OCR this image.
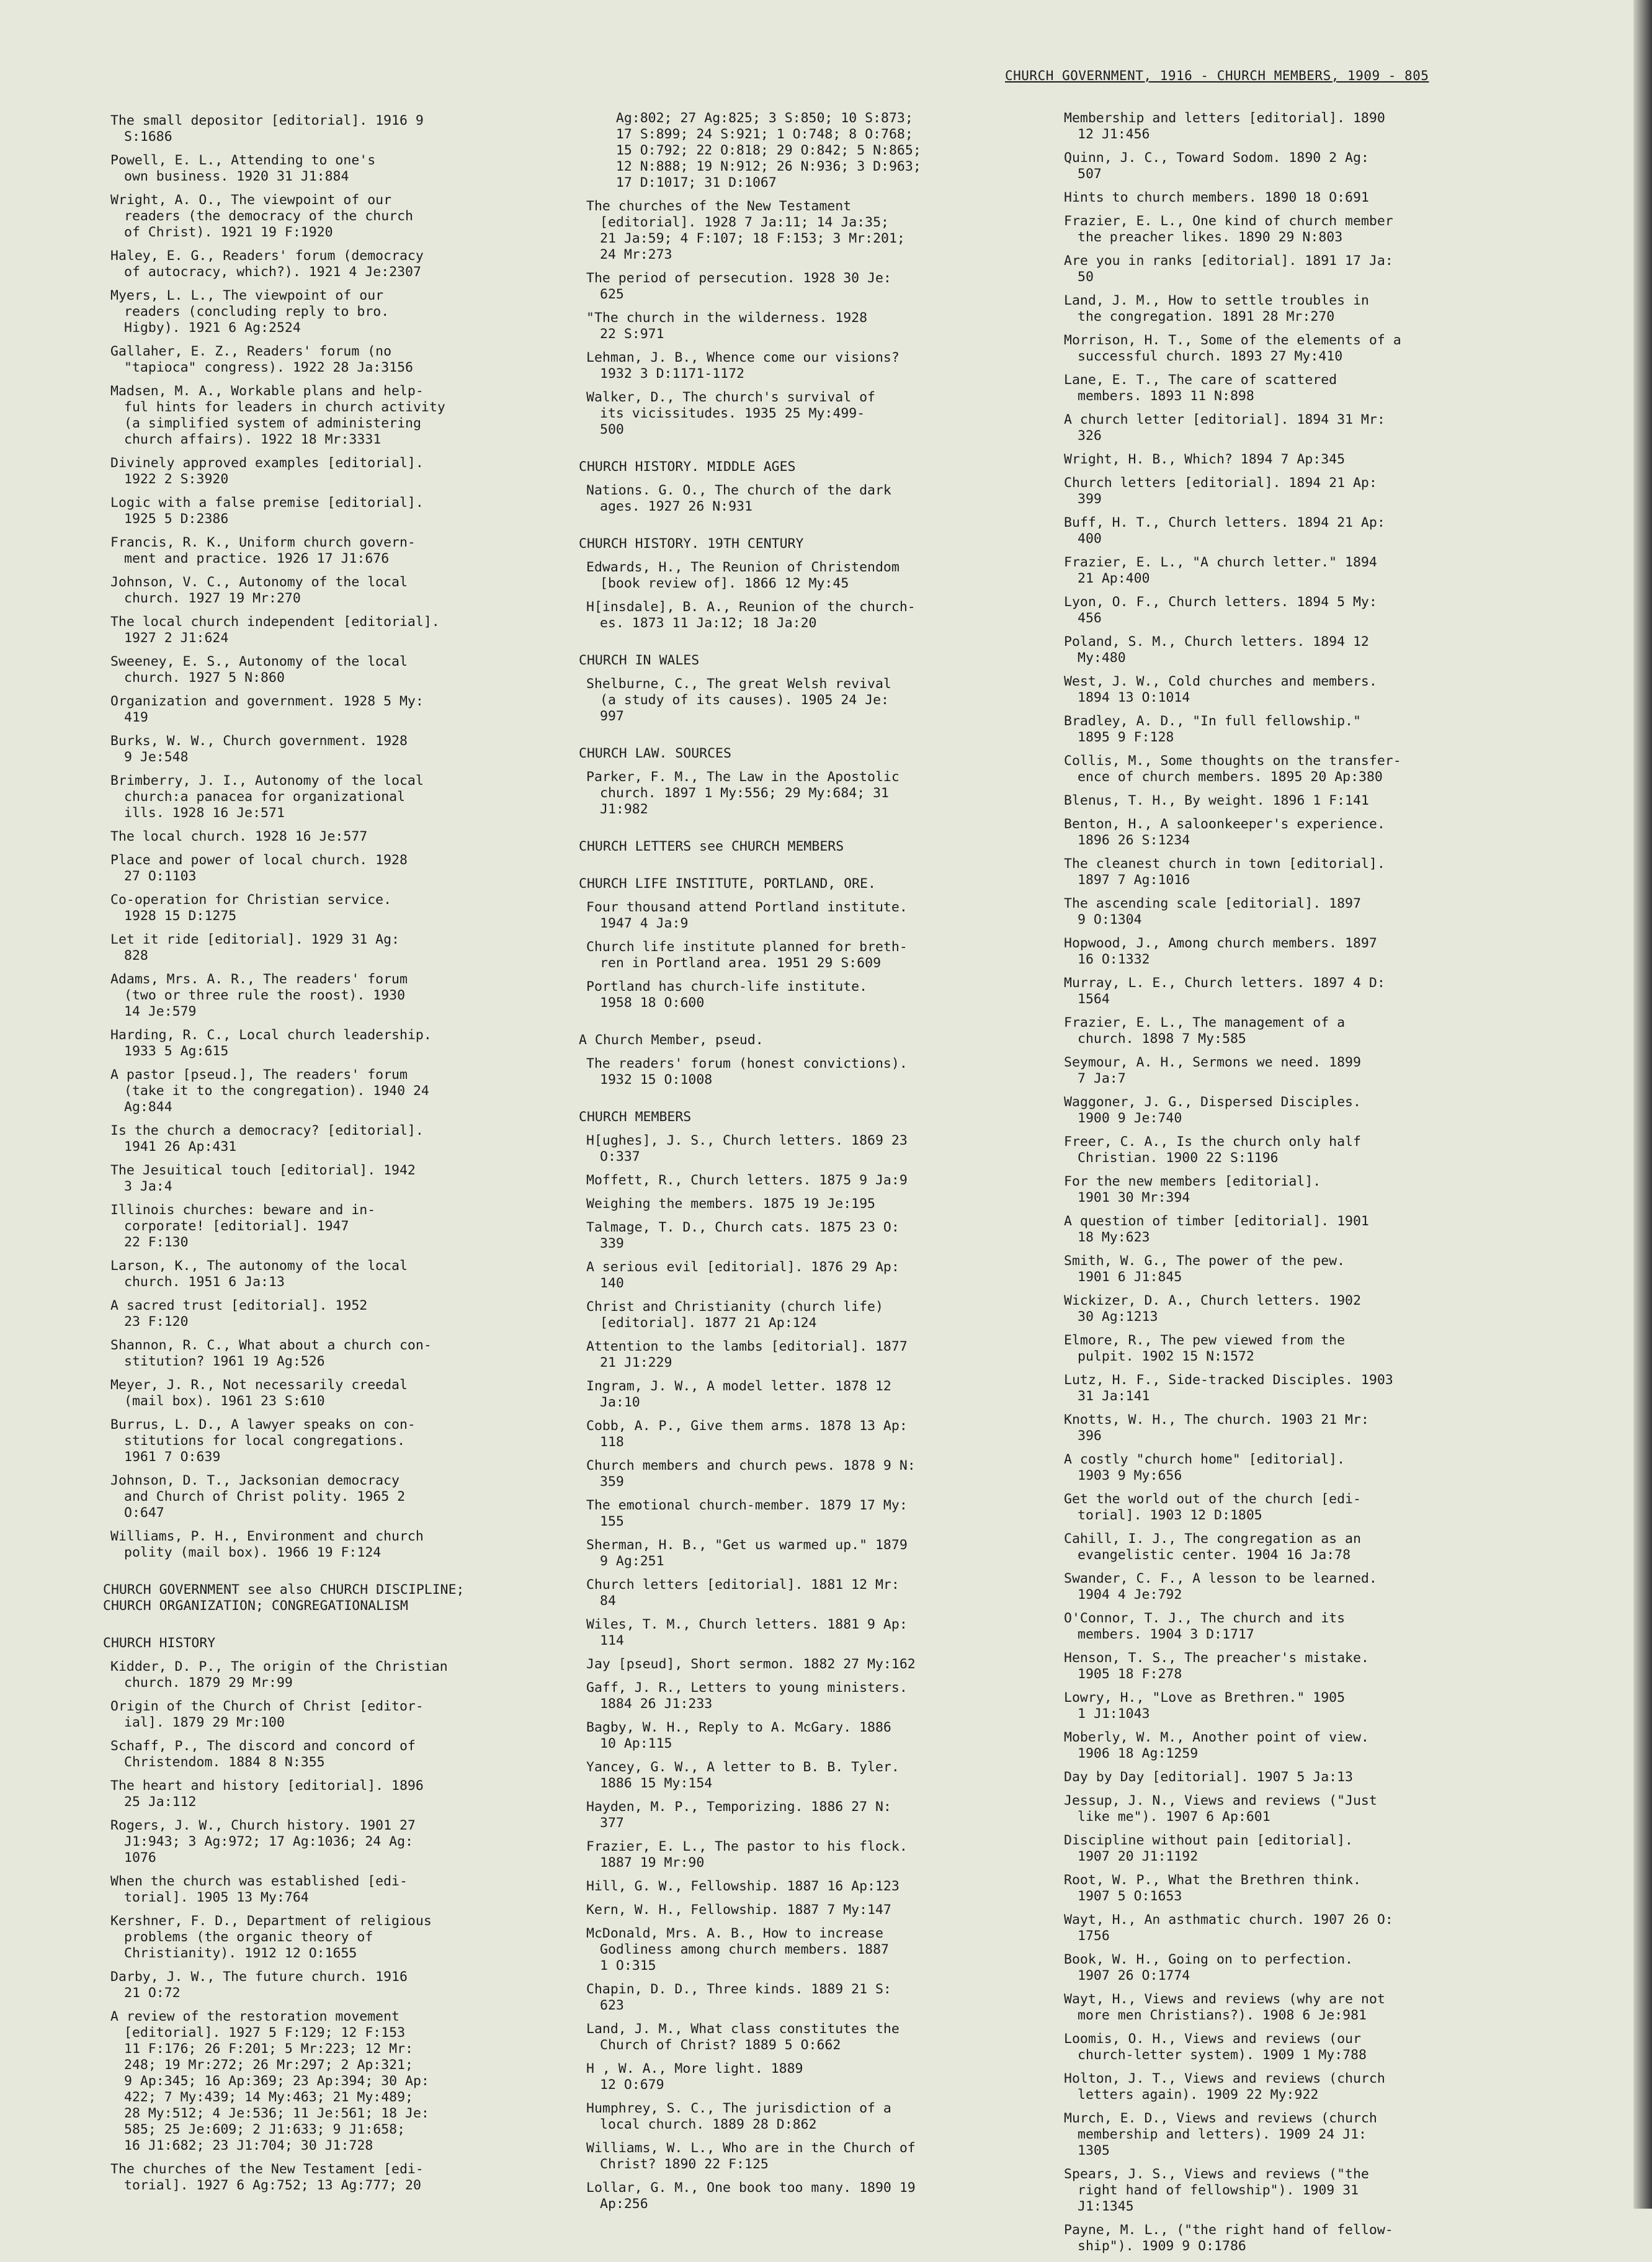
CHURCH GOVERNMENT, 1916 - CHURCH MEMBERS, 1909 - 805
The small depositor [editorial]. 1916 9
S:1686
Powell, E. L., Attending to one's
own business. 1920 31 J1:884
Wright, A. O., The viewpoint of our
readers (the democracy of the church
of Christ). 1921 19 F:1920
Haley, E. G., Readers' forum (democracy
of autocracy, which?). 1921 4 Je:2307
Myers, L. L., The viewpoint of our
readers (concluding reply to bro.
Higby). 1921 6 Ag:2524
Gallaher, E. Z., Readers' forum (no
"tapioca" congress). 1922 28 Ja:3156
Madsen, M. A., Workable plans and help-
ful hints for leaders in church activity
(a simplified system of administering
church affairs). 1922 18 Mr:3331
Divinely approved examples [editorial].
1922 2 S:3920
Logic with a false premise [editorial].
1925 5 D:2386
Francis, R. K., Uniform church govern-
ment and practice. 1926 17 J1:676
Johnson, V. C., Autonomy of the local
church. 1927 19 Mr:270
The local church independent [editorial].
1927 2 J1:624
Sweeney, E. S., Autonomy of the local
church. 1927 5 N:860
Organization and government. 1928 5 My:
419
Burks, W. W., Church government. 1928
9 Je:548
Brimberry, J. I., Autonomy of the local
church:a panacea for organizational
ills. 1928 16 Je:571
The local church. 1928 16 Je:577
Place and power of local church. 1928
27 O:1103
Co-operation for Christian service.
1928 15 D:1275
Let it ride [editorial]. 1929 31 Ag:
828
Adams, Mrs. A. R., The readers' forum
(two or three rule the roost). 1930
14 Je:579
Harding, R. C., Local church leadership.
1933 5 Ag:615
A pastor [pseud.], The readers' forum
(take it to the congregation). 1940 24
Ag:844
Is the church a democracy? [editorial].
1941 26 Ap:431
The Jesuitical touch [editorial]. 1942
3 Ja:4
Illinois churches: beware and in-
corporate! [editorial]. 1947
22 F:130
Larson, K., The autonomy of the local
church. 1951 6 Ja:13
A sacred trust [editorial]. 1952
23 F:120
Shannon, R. C., What about a church con-
stitution? 1961 19 Ag:526
Meyer, J. R., Not necessarily creedal
(mail box). 1961 23 S:610
Burrus, L. D., A lawyer speaks on con-
stitutions for local congregations.
1961 7 O:639
Johnson, D. T., Jacksonian democracy
and Church of Christ polity. 1965 2
O:647
Williams, P. H., Environment and church
polity (mail box). 1966 19 F:124
CHURCH GOVERNMENT see also CHURCH DISCIPLINE;
CHURCH ORGANIZATION; CONGREGATIONALISM
CHURCH HISTORY
Kidder, D. P., The origin of the Christian
church. 1879 29 Mr:99
Origin of the Church of Christ [editor-
ial]. 1879 29 Mr:100
Schaff, P., The discord and concord of
Christendom. 1884 8 N:355
The heart and history [editorial]. 1896
25 Ja:112
Rogers, J. W., Church history. 1901 27
J1:943; 3 Ag:972; 17 Ag:1036; 24 Ag:
1076
When the church was established [edi-
torial]. 1905 13 My:764
Kershner, F. D., Department of religious
problems (the organic theory of
Christianity). 1912 12 O:1655
Darby, J. W., The future church. 1916
21 O:72
A review of the restoration movement
[editorial]. 1927 5 F:129; 12 F:153
11 F:176; 26 F:201; 5 Mr:223; 12 Mr:
248; 19 Mr:272; 26 Mr:297; 2 Ap:321;
9 Ap:345; 16 Ap:369; 23 Ap:394; 30 Ap:
422; 7 My:439; 14 My:463; 21 My:489;
28 My:512; 4 Je:536; 11 Je:561; 18 Je:
585; 25 Je:609; 2 J1:633; 9 J1:658;
16 J1:682; 23 J1:704; 30 J1:728
The churches of the New Testament [edi-
torial]. 1927 6 Ag:752; 13 Ag:777; 20
Ag:802; 27 Ag:825; 3 S:850; 10 S:873;
17 S:899; 24 S:921; 1 O:748; 8 O:768;
15 O:792; 22 O:818; 29 O:842; 5 N:865;
12 N:888; 19 N:912; 26 N:936; 3 D:963;
17 D:1017; 31 D:1067
The churches of the New Testament
[editorial]. 1928 7 Ja:11; 14 Ja:35;
21 Ja:59; 4 F:107; 18 F:153; 3 Mr:201;
24 Mr:273
The period of persecution. 1928 30 Je:
625
"The church in the wilderness. 1928
22 S:971
Lehman, J. B., Whence come our visions?
1932 3 D:1171-1172
Walker, D., The church's survival of
its vicissitudes. 1935 25 My:499-
500
CHURCH HISTORY. MIDDLE AGES
Nations. G. O., The church of the dark
ages. 1927 26 N:931
CHURCH HISTORY. 19TH CENTURY
Edwards, H., The Reunion of Christendom
[book review of]. 1866 12 My:45
H[insdale], B. A., Reunion of the church-
es. 1873 11 Ja:12; 18 Ja:20
CHURCH IN WALES
Shelburne, C., The great Welsh revival
(a study of its causes). 1905 24 Je:
997
CHURCH LAW. SOURCES
Parker, F. M., The Law in the Apostolic
church. 1897 1 My:556; 29 My:684; 31
J1:982
CHURCH LETTERS see CHURCH MEMBERS
CHURCH LIFE INSTITUTE, PORTLAND, ORE.
Four thousand attend Portland institute.
1947 4 Ja:9
Church life institute planned for breth-
ren in Portland area. 1951 29 S:609
Portland has church-life institute.
1958 18 O:600
A Church Member, pseud.
The readers' forum (honest convictions).
1932 15 O:1008
CHURCH MEMBERS
H[ughes], J. S., Church letters. 1869 23
O:337
Moffett, R., Church letters. 1875 9 Ja:9
Weighing the members. 1875 19 Je:195
Talmage, T. D., Church cats. 1875 23 O:
339
A serious evil [editorial]. 1876 29 Ap:
140
Christ and Christianity (church life)
[editorial]. 1877 21 Ap:124
Attention to the lambs [editorial]. 1877
21 J1:229
Ingram, J. W., A model letter. 1878 12
Ja:10
Cobb, A. P., Give them arms. 1878 13 Ap:
118
Church members and church pews. 1878 9 N:
359
The emotional church-member. 1879 17 My:
155
Sherman, H. B., "Get us warmed up." 1879
9 Ag:251
Church letters [editorial]. 1881 12 Mr:
84
Wiles, T. M., Church letters. 1881 9 Ap:
114
Jay [pseud], Short sermon. 1882 27 My:162
Gaff, J. R., Letters to young ministers.
1884 26 J1:233
Bagby, W. H., Reply to A. McGary. 1886
10 Ap:115
Yancey, G. W., A letter to B. B. Tyler.
1886 15 My:154
Hayden, M. P., Temporizing. 1886 27 N:
377
Frazier, E. L., The pastor to his flock.
1887 19 Mr:90
Hill, G. W., Fellowship. 1887 16 Ap:123
Kern, W. H., Fellowship. 1887 7 My:147
McDonald, Mrs. A. B., How to increase
Godliness among church members. 1887
1 O:315
Chapin, D. D., Three kinds. 1889 21 S:
623
Land, J. M., What class constitutes the
Church of Christ? 1889 5 O:662
H , W. A., More light. 1889
12 O:679
Humphrey, S. C., The jurisdiction of a
local church. 1889 28 D:862
Williams, W. L., Who are in the Church of
Christ? 1890 22 F:125
Lollar, G. M., One book too many. 1890 19
Ap:256
Membership and letters [editorial]. 1890
12 J1:456
Quinn, J. C., Toward Sodom. 1890 2 Ag:
507
Hints to church members. 1890 18 O:691
Frazier, E. L., One kind of church member
the preacher likes. 1890 29 N:803
Are you in ranks [editorial]. 1891 17 Ja:
50
Land, J. M., How to settle troubles in
the congregation. 1891 28 Mr:270
Morrison, H. T., Some of the elements of a
successful church. 1893 27 My:410
Lane, E. T., The care of scattered
members. 1893 11 N:898
A church letter [editorial]. 1894 31 Mr:
326
Wright, H. B., Which? 1894 7 Ap:345
Church letters [editorial]. 1894 21 Ap:
399
Buff, H. T., Church letters. 1894 21 Ap:
400
Frazier, E. L., "A church letter." 1894
21 Ap:400
Lyon, O. F., Church letters. 1894 5 My:
456
Poland, S. M., Church letters. 1894 12
My:480
West, J. W., Cold churches and members.
1894 13 O:1014
Bradley, A. D., "In full fellowship."
1895 9 F:128
Collis, M., Some thoughts on the transfer-
ence of church members. 1895 20 Ap:380
Blenus, T. H., By weight. 1896 1 F:141
Benton, H., A saloonkeeper's experience.
1896 26 S:1234
The cleanest church in town [editorial].
1897 7 Ag:1016
The ascending scale [editorial]. 1897
9 O:1304
Hopwood, J., Among church members. 1897
16 O:1332
Murray, L. E., Church letters. 1897 4 D:
1564
Frazier, E. L., The management of a
church. 1898 7 My:585
Seymour, A. H., Sermons we need. 1899
7 Ja:7
Waggoner, J. G., Dispersed Disciples.
1900 9 Je:740
Freer, C. A., Is the church only half
Christian. 1900 22 S:1196
For the new members [editorial].
1901 30 Mr:394
A question of timber [editorial]. 1901
18 My:623
Smith, W. G., The power of the pew.
1901 6 J1:845
Wickizer, D. A., Church letters. 1902
30 Ag:1213
Elmore, R., The pew viewed from the
pulpit. 1902 15 N:1572
Lutz, H. F., Side-tracked Disciples. 1903
31 Ja:141
Knotts, W. H., The church. 1903 21 Mr:
396
A costly "church home" [editorial].
1903 9 My:656
Get the world out of the church [edi-
torial]. 1903 12 D:1805
Cahill, I. J., The congregation as an
evangelistic center. 1904 16 Ja:78
Swander, C. F., A lesson to be learned.
1904 4 Je:792
O'Connor, T. J., The church and its
members. 1904 3 D:1717
Henson, T. S., The preacher's mistake.
1905 18 F:278
Lowry, H., "Love as Brethren." 1905
1 J1:1043
Moberly, W. M., Another point of view.
1906 18 Ag:1259
Day by Day [editorial]. 1907 5 Ja:13
Jessup, J. N., Views and reviews ("Just
like me"). 1907 6 Ap:601
Discipline without pain [editorial].
1907 20 J1:1192
Root, W. P., What the Brethren think.
1907 5 O:1653
Wayt, H., An asthmatic church. 1907 26 O:
1756
Book, W. H., Going on to perfection.
1907 26 O:1774
Wayt, H., Views and reviews (why are not
more men Christians?). 1908 6 Je:981
Loomis, O. H., Views and reviews (our
church-letter system). 1909 1 My:788
Holton, J. T., Views and reviews (church
letters again). 1909 22 My:922
Murch, E. D., Views and reviews (church
membership and letters). 1909 24 J1:
1305
Spears, J. S., Views and reviews ("the
right hand of fellowship"). 1909 31
J1:1345
Payne, M. L., ("the right hand of fellow-
ship"). 1909 9 O:1786
